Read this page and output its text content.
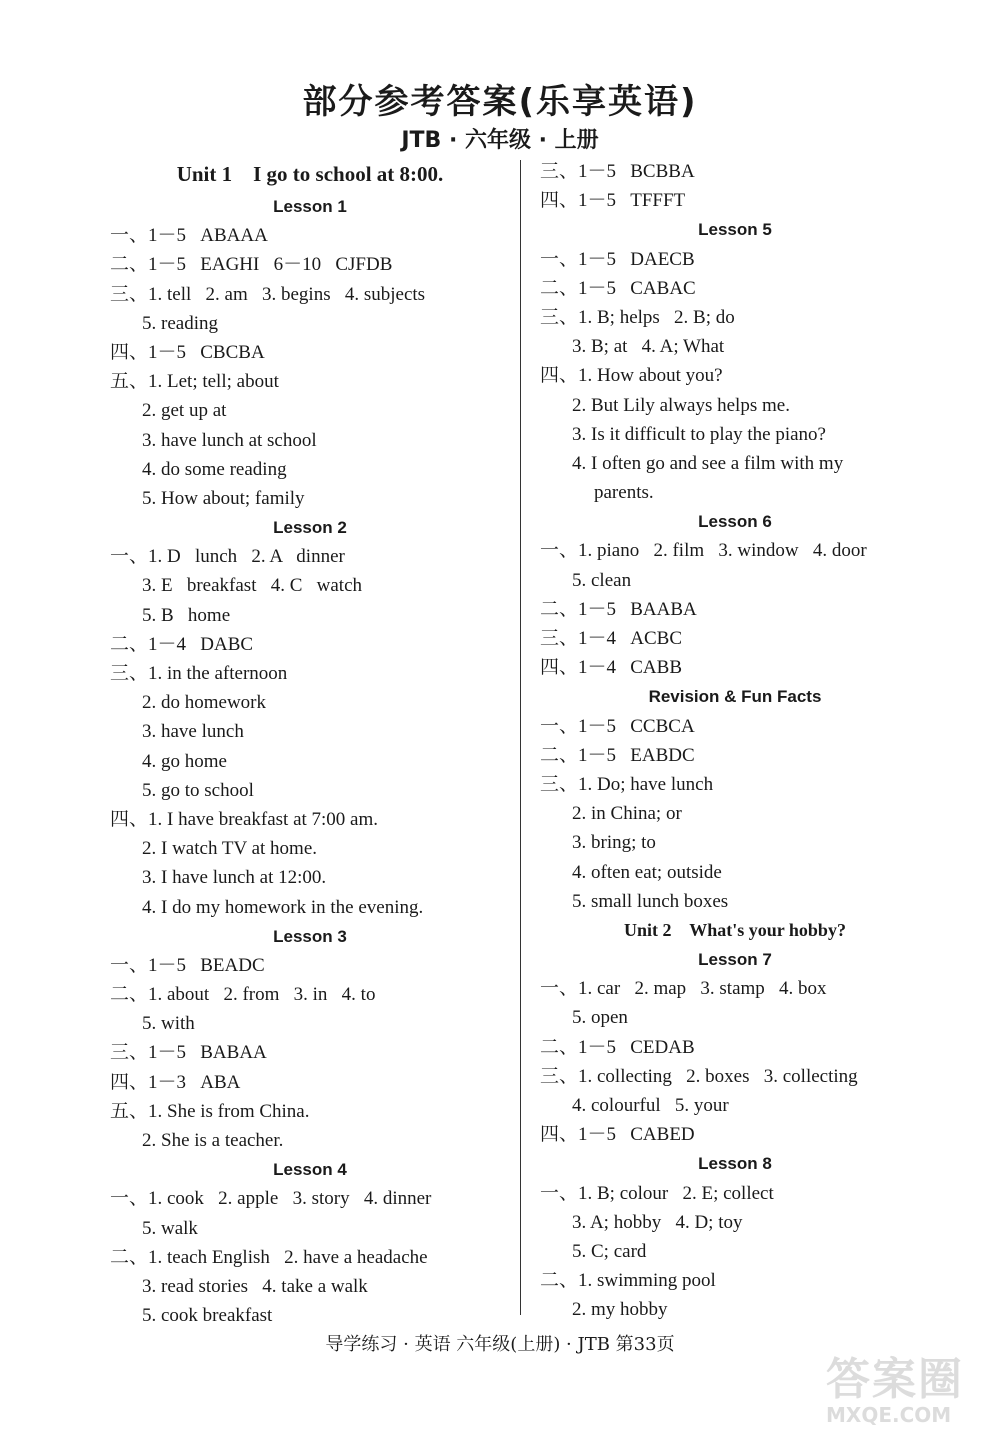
部分参考答案(乐享英语)
JTB · 六年级 · 上册
Unit 1    I go to school at 8:00.
Lesson 1
一、1－5   ABAAA
二、1－5   EAGHI   6－10   CJFDB
三、1. tell   2. am   3. begins   4. subjects
5. reading
四、1－5   CBCBA
五、1. Let; tell; about
2. get up at
3. have lunch at school
4. do some reading
5. How about; family
Lesson 2
一、1. D   lunch   2. A   dinner
3. E   breakfast   4. C   watch
5. B   home
二、1－4   DABC
三、1. in the afternoon
2. do homework
3. have lunch
4. go home
5. go to school
四、1. I have breakfast at 7:00 am.
2. I watch TV at home.
3. I have lunch at 12:00.
4. I do my homework in the evening.
Lesson 3
一、1－5   BEADC
二、1. about   2. from   3. in   4. to
5. with
三、1－5   BABAA
四、1－3   ABA
五、1. She is from China.
2. She is a teacher.
Lesson 4
一、1. cook   2. apple   3. story   4. dinner
5. walk
二、1. teach English   2. have a headache
3. read stories   4. take a walk
5. cook breakfast
三、1－5   BCBBA
四、1－5   TFFFT
Lesson 5
一、1－5   DAECB
二、1－5   CABAC
三、1. B; helps   2. B; do
3. B; at   4. A; What
四、1. How about you?
2. But Lily always helps me.
3. Is it difficult to play the piano?
4. I often go and see a film with my
parents.
Lesson 6
一、1. piano   2. film   3. window   4. door
5. clean
二、1－5   BAABA
三、1－4   ACBC
四、1－4   CABB
Revision & Fun Facts
一、1－5   CCBCA
二、1－5   EABDC
三、1. Do; have lunch
2. in China; or
3. bring; to
4. often eat; outside
5. small lunch boxes
Unit 2    What's your hobby?
Lesson 7
一、1. car   2. map   3. stamp   4. box
5. open
二、1－5   CEDAB
三、1. collecting   2. boxes   3. collecting
4. colourful   5. your
四、1－5   CABED
Lesson 8
一、1. B; colour   2. E; collect
3. A; hobby   4. D; toy
5. C; card
二、1. swimming pool
2. my hobby
导学练习 · 英语 六年级(上册) · JTB 第33页
答案圈
MXQE.COM
